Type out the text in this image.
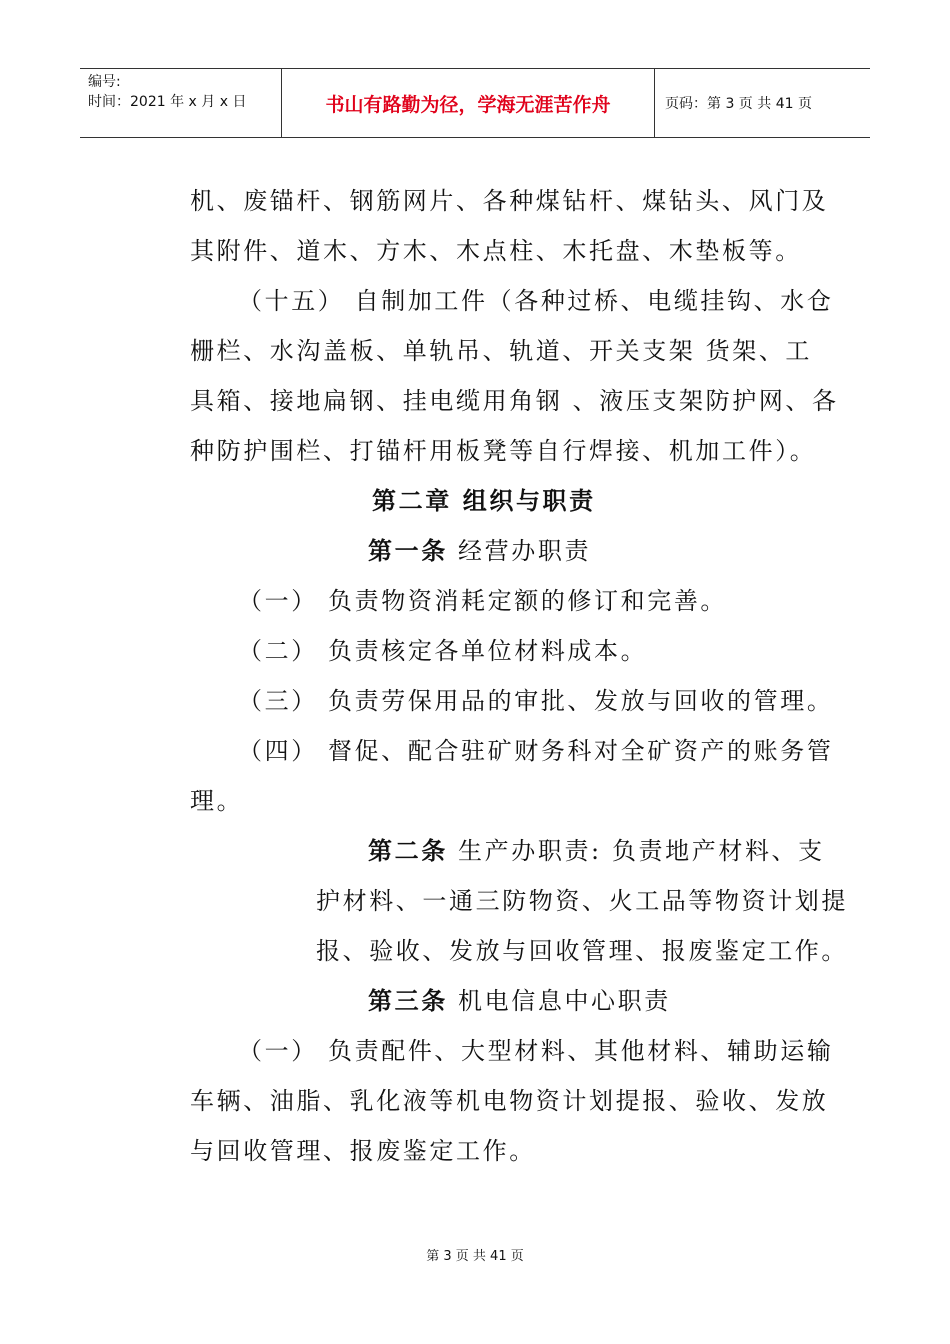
编号:
时间：2021 年 x 月 x 日	书山有路勤为径，学海无涯苦作舟	页码：第 3 页 共 41 页
机、废锚杆、钢筋网片、各种煤钻杆、煤钻头、风门及
其附件、道木、方木、木点柱、木托盘、木垫板等。
（十五） 自制加工件（各种过桥、电缆挂钩、水仓
栅栏、水沟盖板、单轨吊、轨道、开关支架 货架、工
具箱、接地扁钢、挂电缆用角钢 、液压支架防护网、各
种防护围栏、打锚杆用板凳等自行焊接、机加工件）。
第二章 组织与职责
第一条 经营办职责
（一） 负责物资消耗定额的修订和完善。
（二） 负责核定各单位材料成本。
（三） 负责劳保用品的审批、发放与回收的管理。
（四） 督促、配合驻矿财务科对全矿资产的账务管
理。
第二条 生产办职责: 负责地产材料、支
护材料、一通三防物资、火工品等物资计划提
报、验收、发放与回收管理、报废鉴定工作。
第三条 机电信息中心职责
（一） 负责配件、大型材料、其他材料、辅助运输
车辆、油脂、乳化液等机电物资计划提报、验收、发放
与回收管理、报废鉴定工作。
第 3 页 共 41 页
